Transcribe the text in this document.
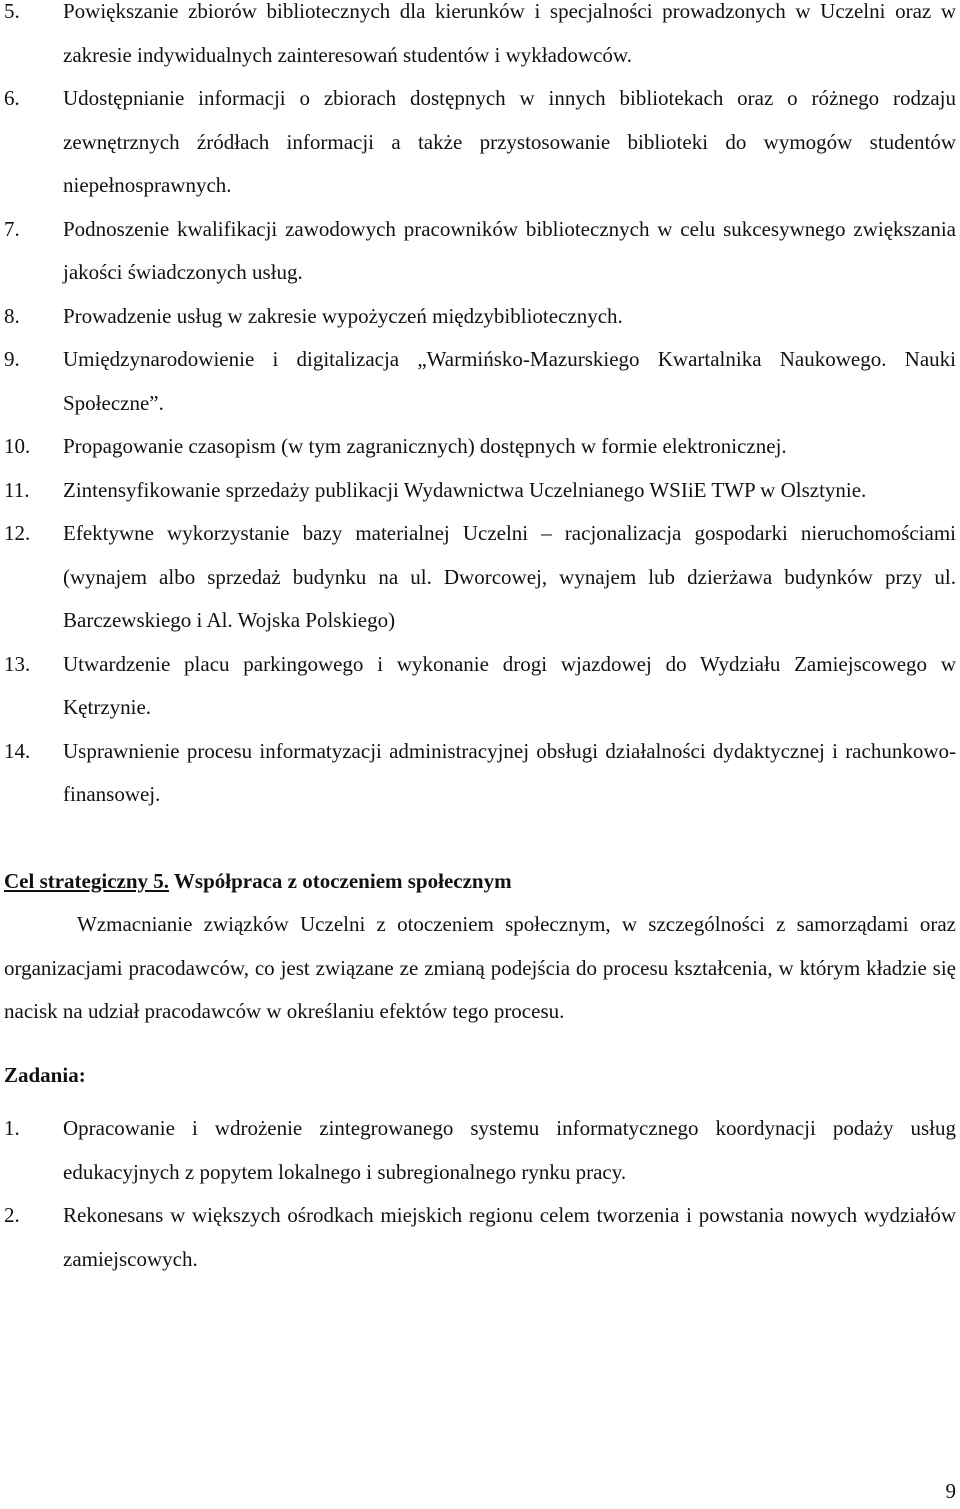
5. Powiększanie zbiorów bibliotecznych dla kierunków i specjalności prowadzonych w Uczelni oraz w zakresie indywidualnych zainteresowań studentów i wykładowców.
6. Udostępnianie informacji o zbiorach dostępnych w innych bibliotekach oraz o różnego rodzaju zewnętrznych źródłach informacji a także przystosowanie biblioteki do wymogów studentów niepełnosprawnych.
7. Podnoszenie kwalifikacji zawodowych pracowników bibliotecznych w celu sukcesywnego zwiększania jakości świadczonych usług.
8. Prowadzenie usług w zakresie wypożyczeń międzybibliotecznych.
9. Umiędzynarodowienie i digitalizacja „Warmińsko-Mazurskiego Kwartalnika Naukowego. Nauki Społeczne”.
10. Propagowanie czasopism (w tym zagranicznych) dostępnych w formie elektronicznej.
11. Zintensyfikowanie sprzedaży publikacji Wydawnictwa Uczelnianego WSIiE TWP w Olsztynie.
12. Efektywne wykorzystanie bazy materialnej Uczelni – racjonalizacja gospodarki nieruchomościami (wynajem albo sprzedaż budynku na ul. Dworcowej, wynajem lub dzierżawa budynków przy ul. Barczewskiego i Al. Wojska Polskiego)
13. Utwardzenie placu parkingowego i wykonanie drogi wjazdowej do Wydziału Zamiejscowego w Kętrzynie.
14. Usprawnienie procesu informatyzacji administracyjnej obsługi działalności dydaktycznej i rachunkowo-finansowej.
Cel strategiczny 5. Współpraca z otoczeniem społecznym
Wzmacnianie związków Uczelni z otoczeniem społecznym, w szczególności z samorządami oraz organizacjami pracodawców, co jest związane ze zmianą podejścia do procesu kształcenia, w którym kładzie się nacisk na udział pracodawców w określaniu efektów tego procesu.
Zadania:
1. Opracowanie i wdrożenie zintegrowanego systemu informatycznego koordynacji podaży usług edukacyjnych z popytem lokalnego i subregionalnego rynku pracy.
2. Rekonesans w większych ośrodkach miejskich regionu celem tworzenia i powstania nowych wydziałów zamiejscowych.
9
